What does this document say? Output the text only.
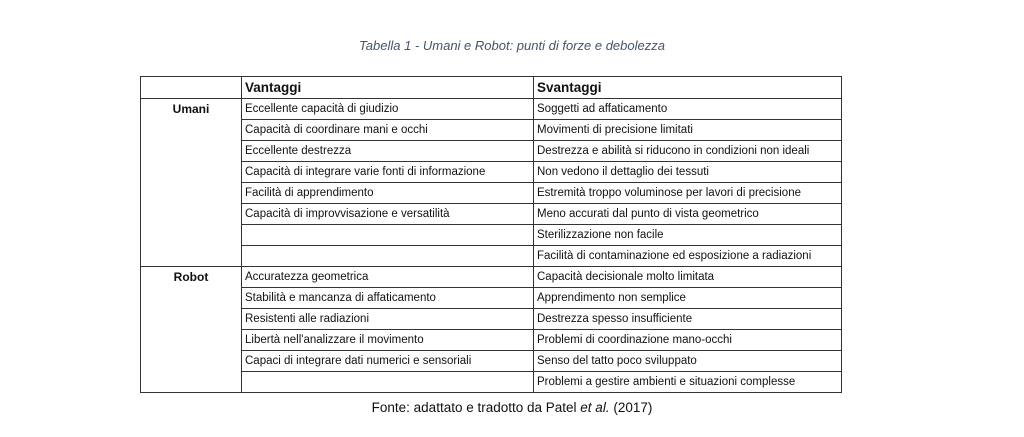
Tabella 1 - Umani e Robot: punti di forze e debolezza
	Vantaggi	Svantaggi
Umani	Eccellente capacità di giudizio	Soggetti ad affaticamento
	Capacità di coordinare mani e occhi	Movimenti di precisione limitati
	Eccellente destrezza	Destrezza e abilità si riducono in condizioni non ideali
	Capacità di integrare varie fonti di informazione	Non vedono il dettaglio dei tessuti
	Facilità di apprendimento	Estremità troppo voluminose per lavori di precisione
	Capacità di improvvisazione e versatilità	Meno accurati dal punto di vista geometrico
		Sterilizzazione non facile
		Facilità di contaminazione ed esposizione a radiazioni
Robot	Accuratezza geometrica	Capacità decisionale molto limitata
	Stabilità e mancanza di affaticamento	Apprendimento non semplice
	Resistenti alle radiazioni	Destrezza spesso insufficiente
	Libertà nell'analizzare il movimento	Problemi di coordinazione mano-occhi
	Capaci di integrare dati numerici e sensoriali	Senso del tatto poco sviluppato
		Problemi a gestire ambienti e situazioni complesse
Fonte: adattato e tradotto da Patel et al. (2017)
